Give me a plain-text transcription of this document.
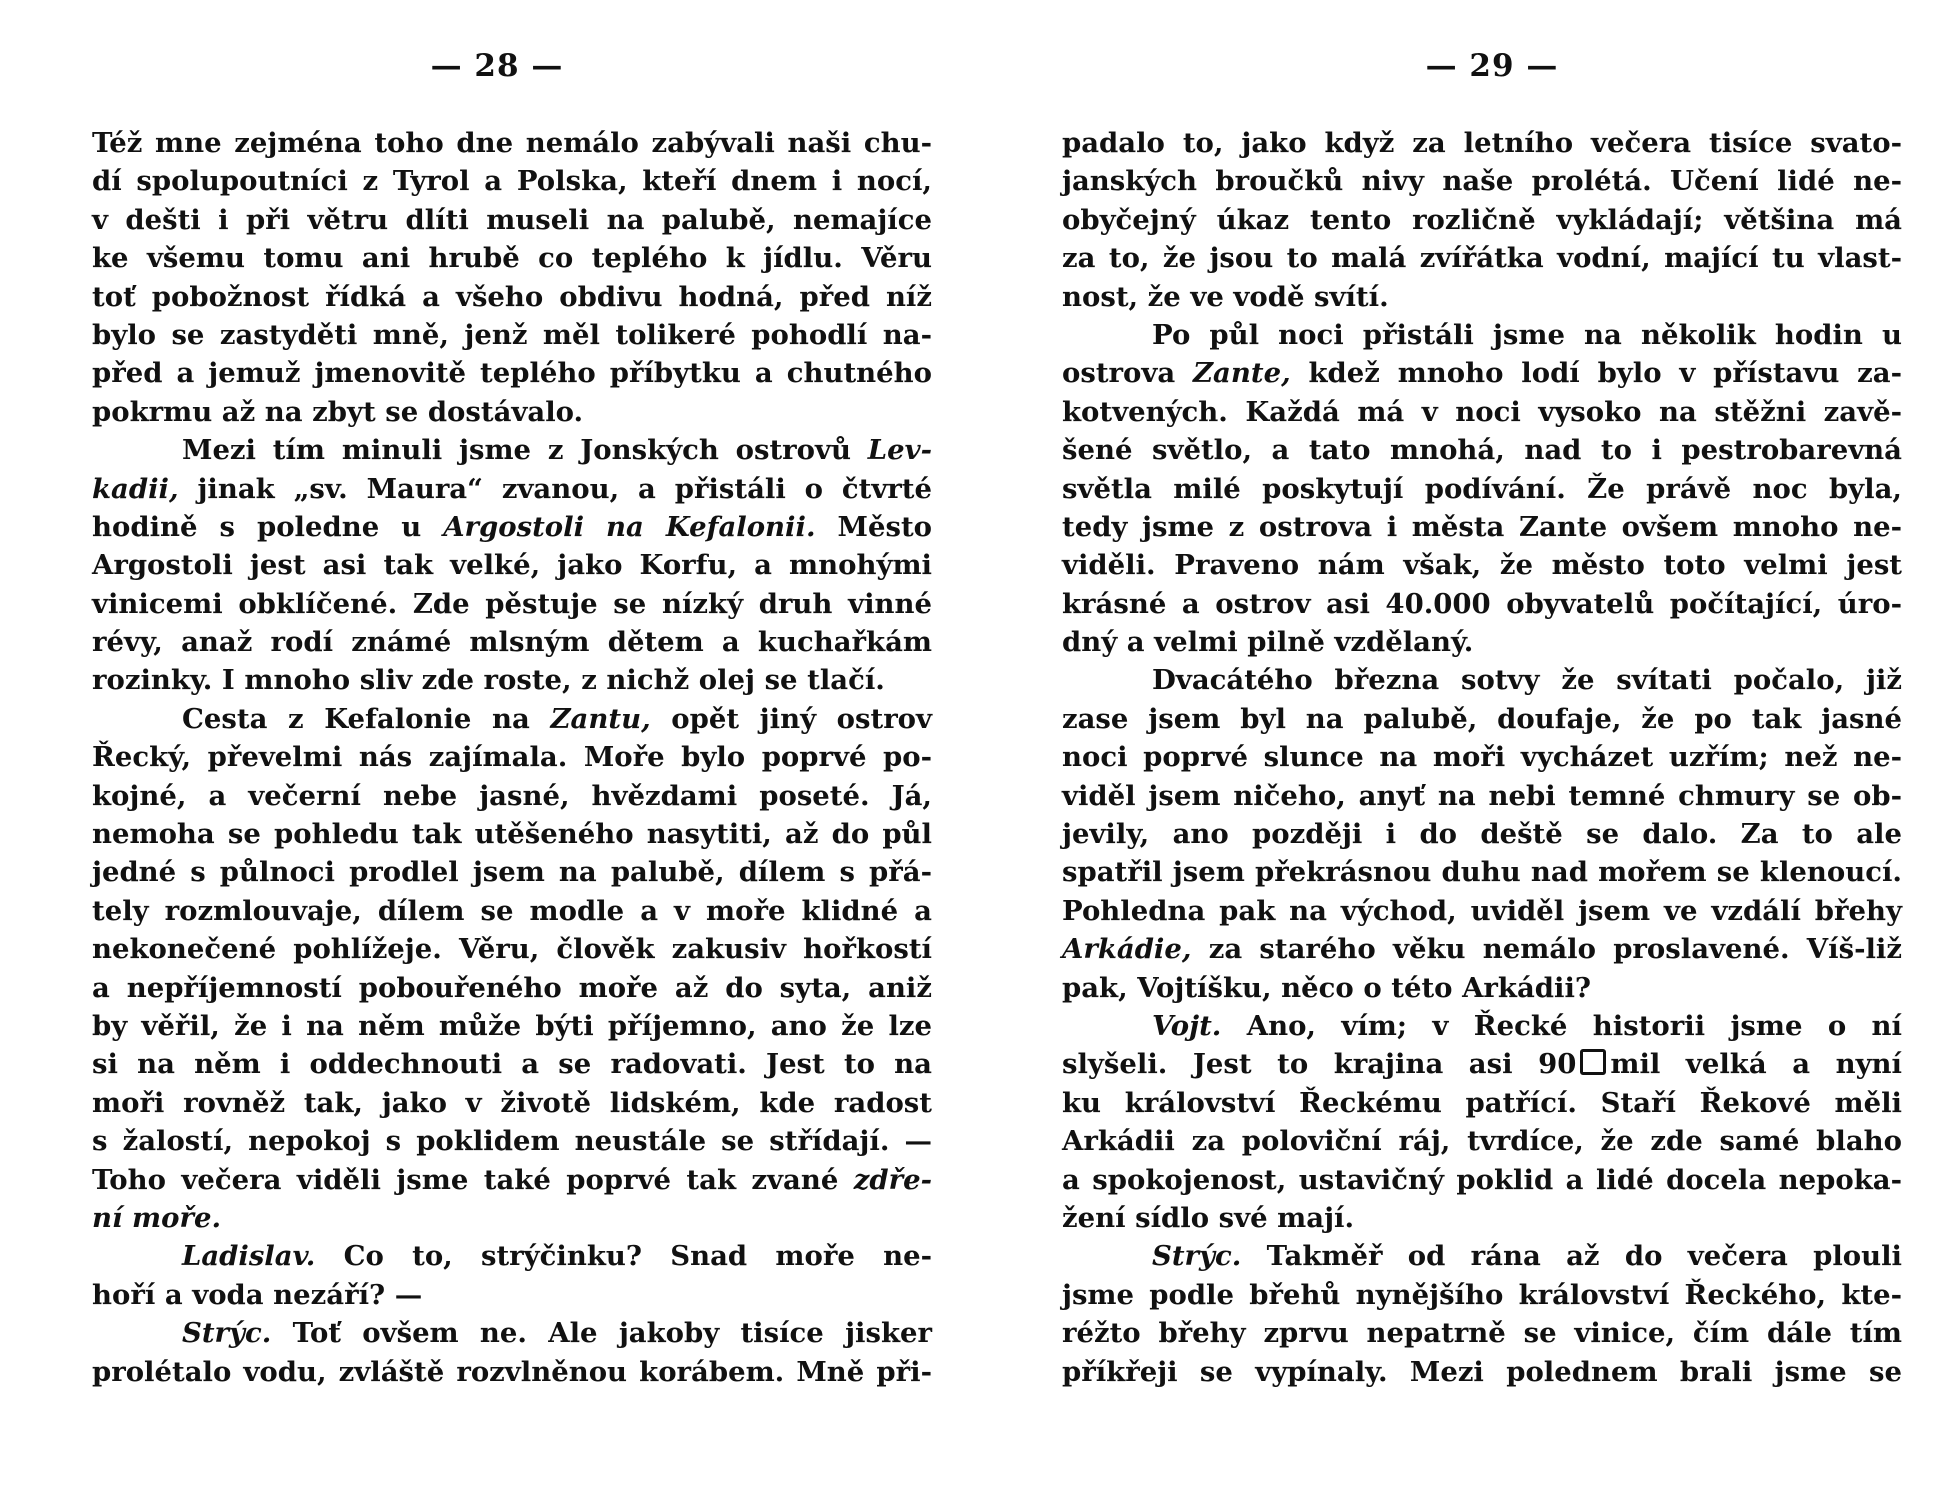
— 28 —
Též mne zejména toho dne nemálo zabývali naši chu-
dí spolupoutníci z Tyrol a Polska, kteří dnem i nocí,
v dešti i při větru dlíti museli na palubě, nemajíce
ke všemu tomu ani hrubě co teplého k jídlu. Věru
toť pobožnost řídká a všeho obdivu hodná, před níž
bylo se zastyděti mně, jenž měl tolikeré pohodlí na-
před a jemuž jmenovitě teplého příbytku a chutného
pokrmu až na zbyt se dostávalo.
Mezi tím minuli jsme z Jonských ostrovů Lev-
kadii, jinak „sv. Maura“ zvanou, a přistáli o čtvrté
hodině s poledne u Argostoli na Kefalonii. Město
Argostoli jest asi tak velké, jako Korfu, a mnohými
vinicemi obklíčené. Zde pěstuje se nízký druh vinné
révy, anaž rodí známé mlsným dětem a kuchařkám
rozinky. I mnoho sliv zde roste, z nichž olej se tlačí.
Cesta z Kefalonie na Zantu, opět jiný ostrov
Řecký, převelmi nás zajímala. Moře bylo poprvé po-
kojné, a večerní nebe jasné, hvězdami poseté. Já,
nemoha se pohledu tak utěšeného nasytiti, až do půl
jedné s půlnoci prodlel jsem na palubě, dílem s přá-
tely rozmlouvaje, dílem se modle a v moře klidné a
nekonečené pohlížeje. Věru, člověk zakusiv hořkostí
a nepříjemností pobouřeného moře až do syta, aniž
by věřil, že i na něm může býti příjemno, ano že lze
si na něm i oddechnouti a se radovati. Jest to na
moři rovněž tak, jako v životě lidském, kde radost
s žalostí, nepokoj s poklidem neustále se střídají. —
Toho večera viděli jsme také poprvé tak zvané zdře-
ní moře.
Ladislav. Co to, strýčinku? Snad moře ne-
hoří a voda nezáří? —
Strýc. Toť ovšem ne. Ale jakoby tisíce jisker
prolétalo vodu, zvláště rozvlněnou korábem. Mně při-
— 29 —
padalo to, jako když za letního večera tisíce svato-
janských broučků nivy naše prolétá. Učení lidé ne-
obyčejný úkaz tento rozličně vykládají; většina má
za to, že jsou to malá zvířátka vodní, mající tu vlast-
nost, že ve vodě svítí.
Po půl noci přistáli jsme na několik hodin u
ostrova Zante, kdež mnoho lodí bylo v přístavu za-
kotvených. Každá má v noci vysoko na stěžni zavě-
šené světlo, a tato mnohá, nad to i pestrobarevná
světla milé poskytují podívání. Že právě noc byla,
tedy jsme z ostrova i města Zante ovšem mnoho ne-
viděli. Praveno nám však, že město toto velmi jest
krásné a ostrov asi 40.000 obyvatelů počítající, úro-
dný a velmi pilně vzdělaný.
Dvacátého března sotvy že svítati počalo, již
zase jsem byl na palubě, doufaje, že po tak jasné
noci poprvé slunce na moři vycházet uzřím; než ne-
viděl jsem ničeho, anyť na nebi temné chmury se ob-
jevily, ano později i do deště se dalo. Za to ale
spatřil jsem překrásnou duhu nad mořem se klenoucí.
Pohledna pak na východ, uviděl jsem ve vzdálí břehy
Arkádie, za starého věku nemálo proslavené. Víš-liž
pak, Vojtíšku, něco o této Arkádii?
Vojt. Ano, vím; v Řecké historii jsme o ní
slyšeli. Jest to krajina asi 90 mil velká a nyní
ku království Řeckému patřící. Staří Řekové měli
Arkádii za poloviční ráj, tvrdíce, že zde samé blaho
a spokojenost, ustavičný poklid a lidé docela nepoka-
žení sídlo své mají.
Strýc. Takměř od rána až do večera plouli
jsme podle břehů nynějšího království Řeckého, kte-
réžto břehy zprvu nepatrně se vinice, čím dále tím
příkřeji se vypínaly. Mezi polednem brali jsme se
